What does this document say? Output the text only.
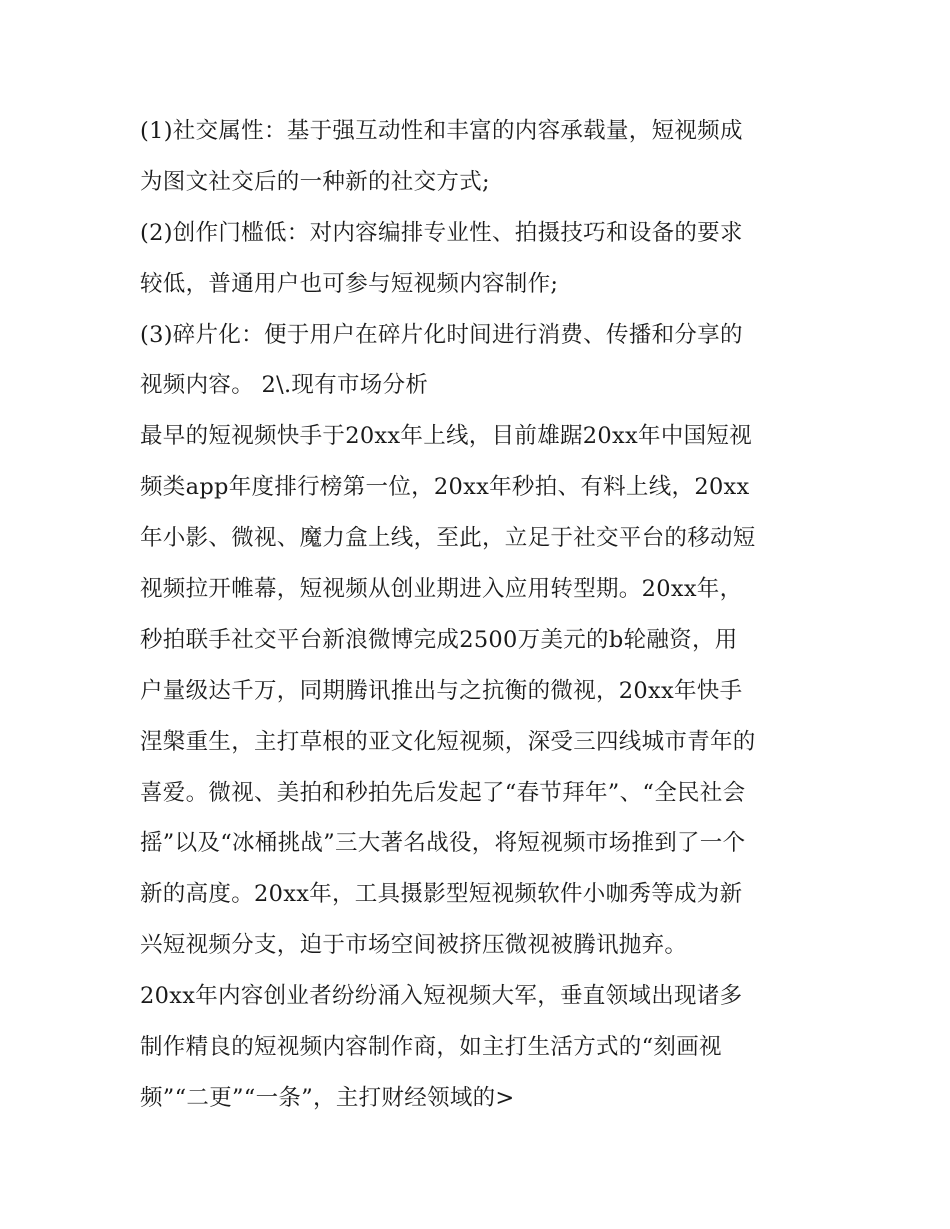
(1)社交属性：基于强互动性和丰富的内容承载量，短视频成
为图文社交后的一种新的社交方式;
(2)创作门槛低：对内容编排专业性、拍摄技巧和设备的要求
较低，普通用户也可参与短视频内容制作;
(3)碎片化：便于用户在碎片化时间进行消费、传播和分享的
视频内容。 2\.现有市场分析
最早的短视频快手于20xx年上线，目前雄踞20xx年中国短视
频类app年度排行榜第一位，20xx年秒拍、有料上线，20xx
年小影、微视、魔力盒上线，至此，立足于社交平台的移动短
视频拉开帷幕，短视频从创业期进入应用转型期。20xx年，
秒拍联手社交平台新浪微博完成2500万美元的b轮融资，用
户量级达千万，同期腾讯推出与之抗衡的微视，20xx年快手
涅槃重生，主打草根的亚文化短视频，深受三四线城市青年的
喜爱。微视、美拍和秒拍先后发起了“春节拜年”、“全民社会
摇”以及“冰桶挑战”三大著名战役，将短视频市场推到了一个
新的高度。20xx年，工具摄影型短视频软件小咖秀等成为新
兴短视频分支，迫于市场空间被挤压微视被腾讯抛弃。
20xx年内容创业者纷纷涌入短视频大军，垂直领域出现诸多
制作精良的短视频内容制作商，如主打生活方式的“刻画视
频”“二更”“一条”，主打财经领域的>
